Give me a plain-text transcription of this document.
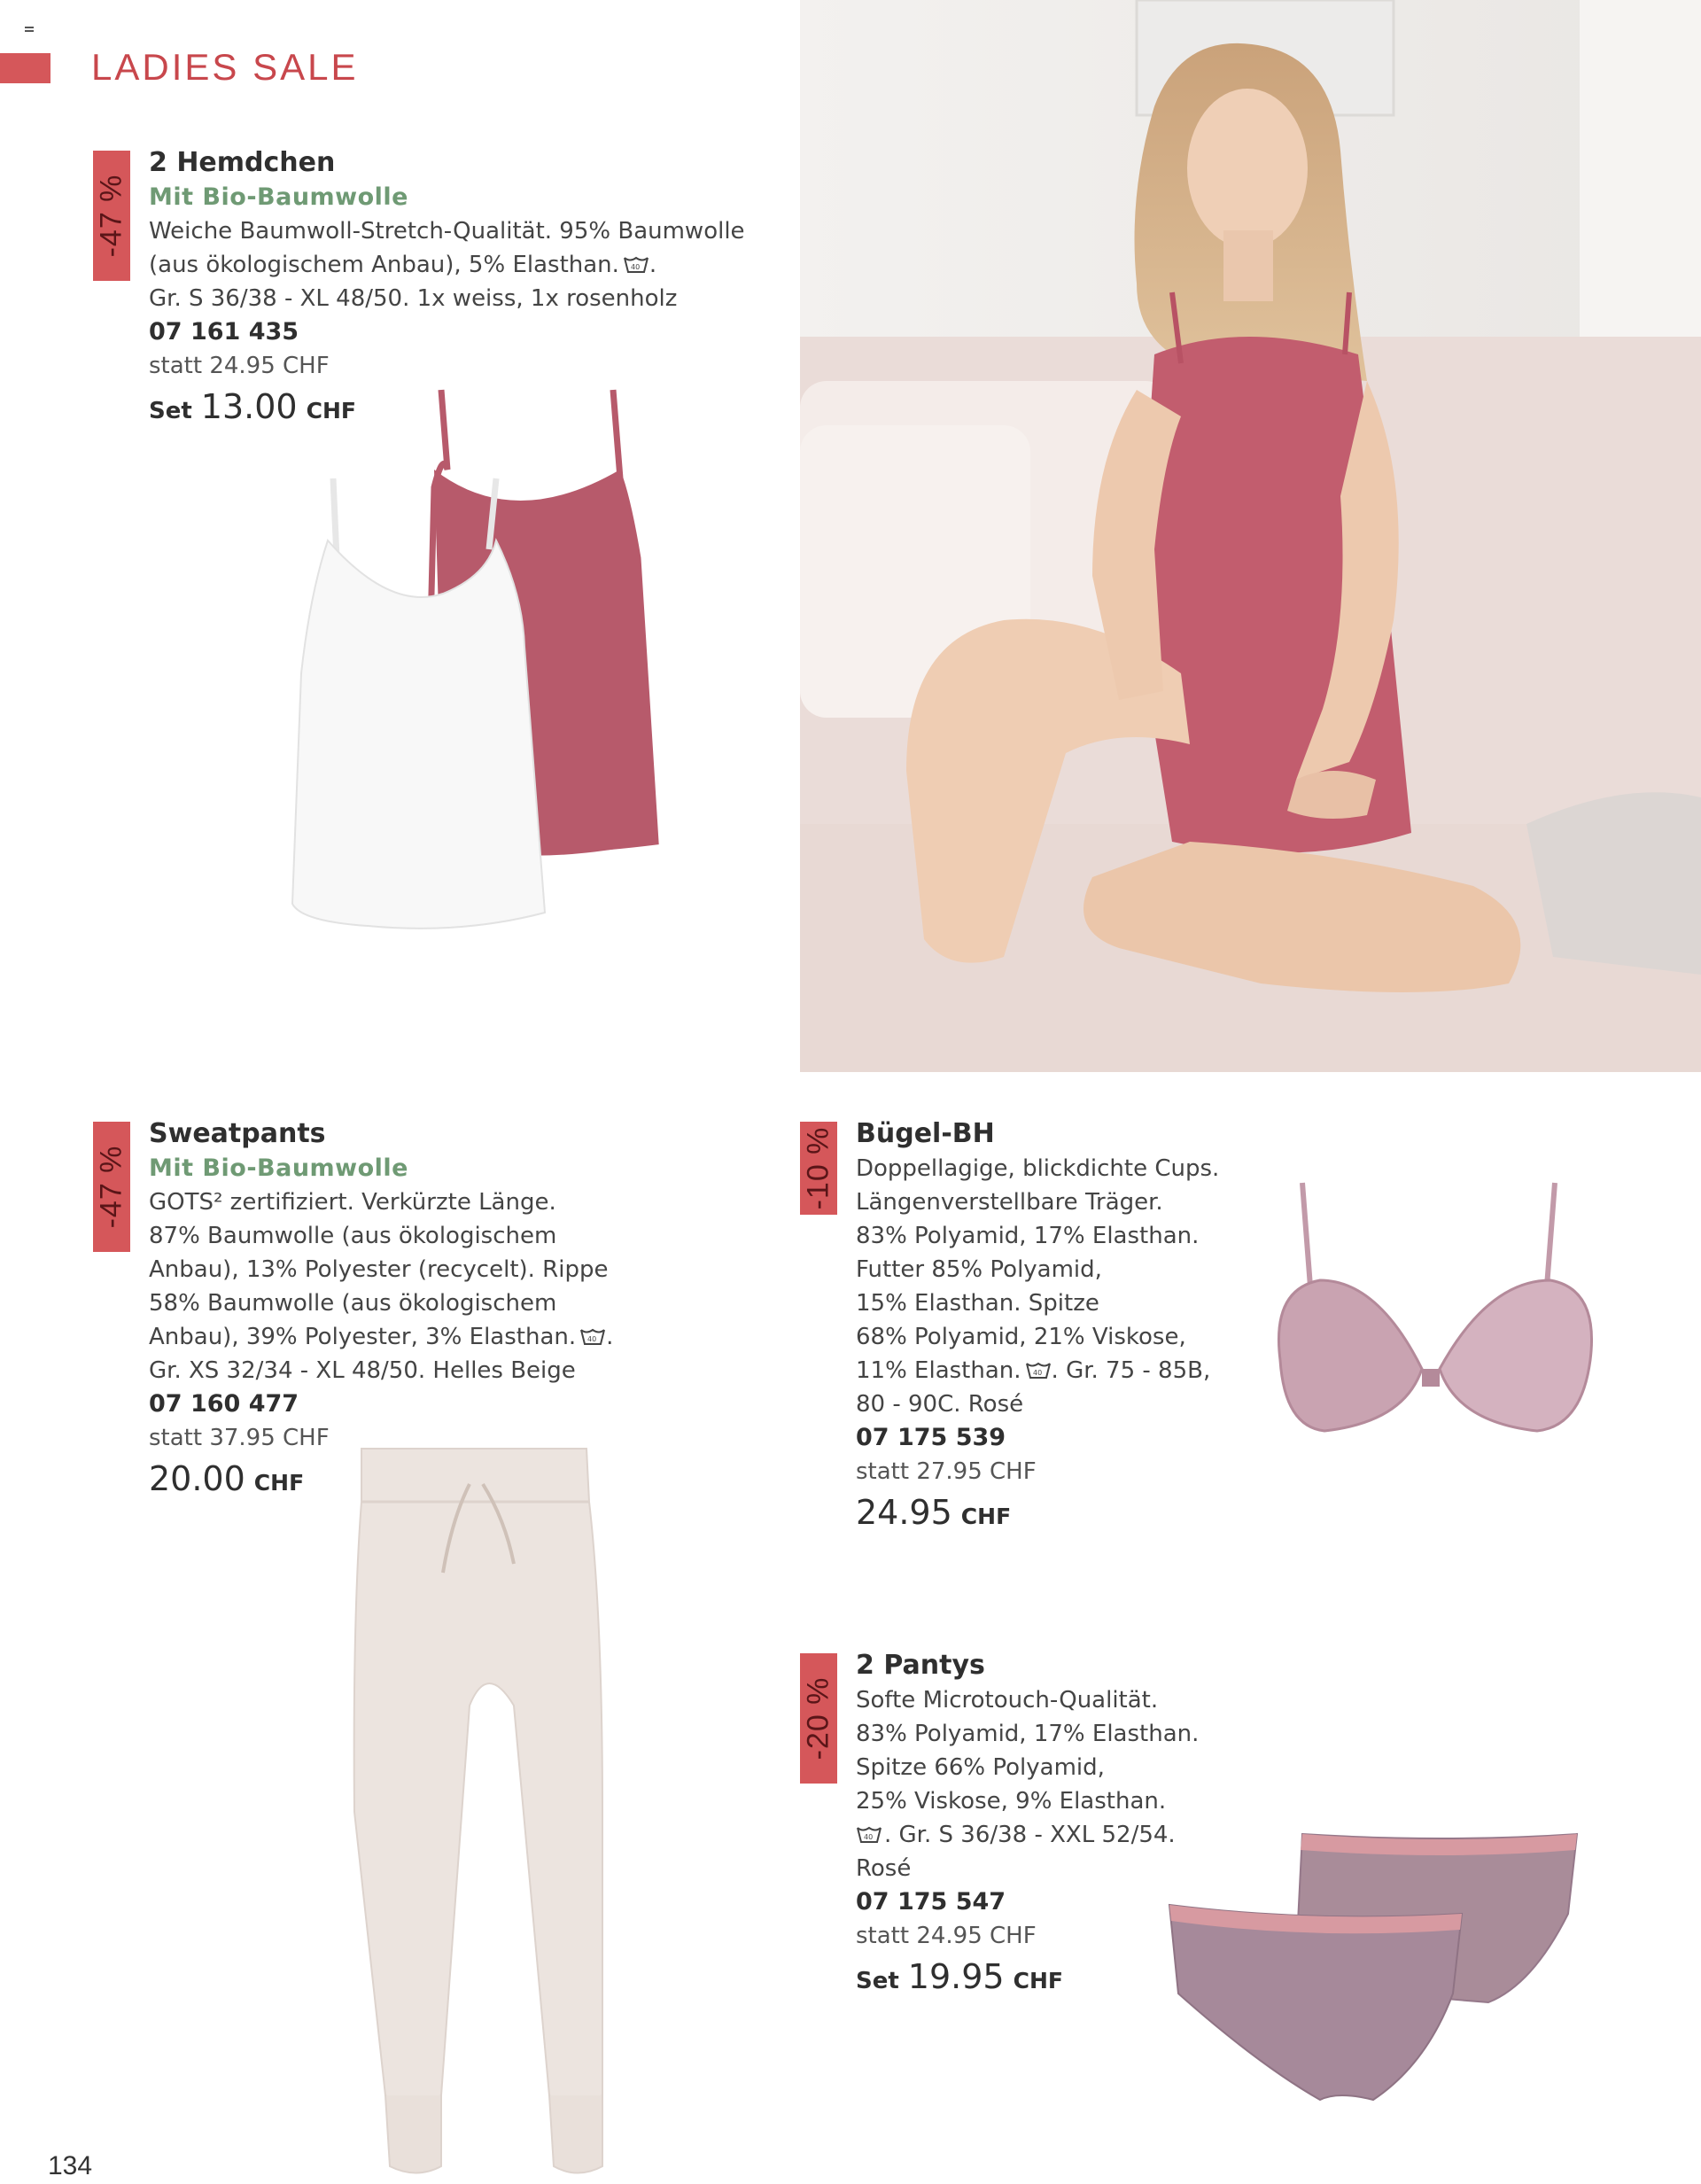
LADIES SALE
-47 %
2 Hemdchen
Mit Bio-Baumwolle
Weiche Baumwoll-Stretch-Qualität. 95% Baumwolle
(aus ökologischem Anbau), 5% Elasthan. 40 .
Gr. S 36/38 - XL 48/50. 1x weiss, 1x rosenholz
07 161 435
statt 24.95 CHF
Set 13.00 CHF
-47 %
Sweatpants
Mit Bio-Baumwolle
GOTS² zertifiziert. Verkürzte Länge.
87% Baumwolle (aus ökologischem
Anbau), 13% Polyester (recycelt). Rippe
58% Baumwolle (aus ökologischem
Anbau), 39% Polyester, 3% Elasthan. 40 .
Gr. XS 32/34 - XL 48/50. Helles Beige
07 160 477
statt 37.95 CHF
20.00 CHF
-10 % Bügel-BH
Doppellagige, blickdichte Cups.
Längenverstellbare Träger.
83% Polyamid, 17% Elasthan.
Futter 85% Polyamid,
15% Elasthan. Spitze
68% Polyamid, 21% Viskose,
11% Elasthan. 40 . Gr. 75 - 85B,
80 - 90C. Rosé
07 175 539
statt 27.95 CHF
24.95 CHF
-20 %
2 Pantys
Softe Microtouch-Qualität.
83% Polyamid, 17% Elasthan.
Spitze 66% Polyamid,
25% Viskose, 9% Elasthan.
40 . Gr. S 36/38 - XXL 52/54.
Rosé
07 175 547
statt 24.95 CHF
Set 19.95 CHF
134
